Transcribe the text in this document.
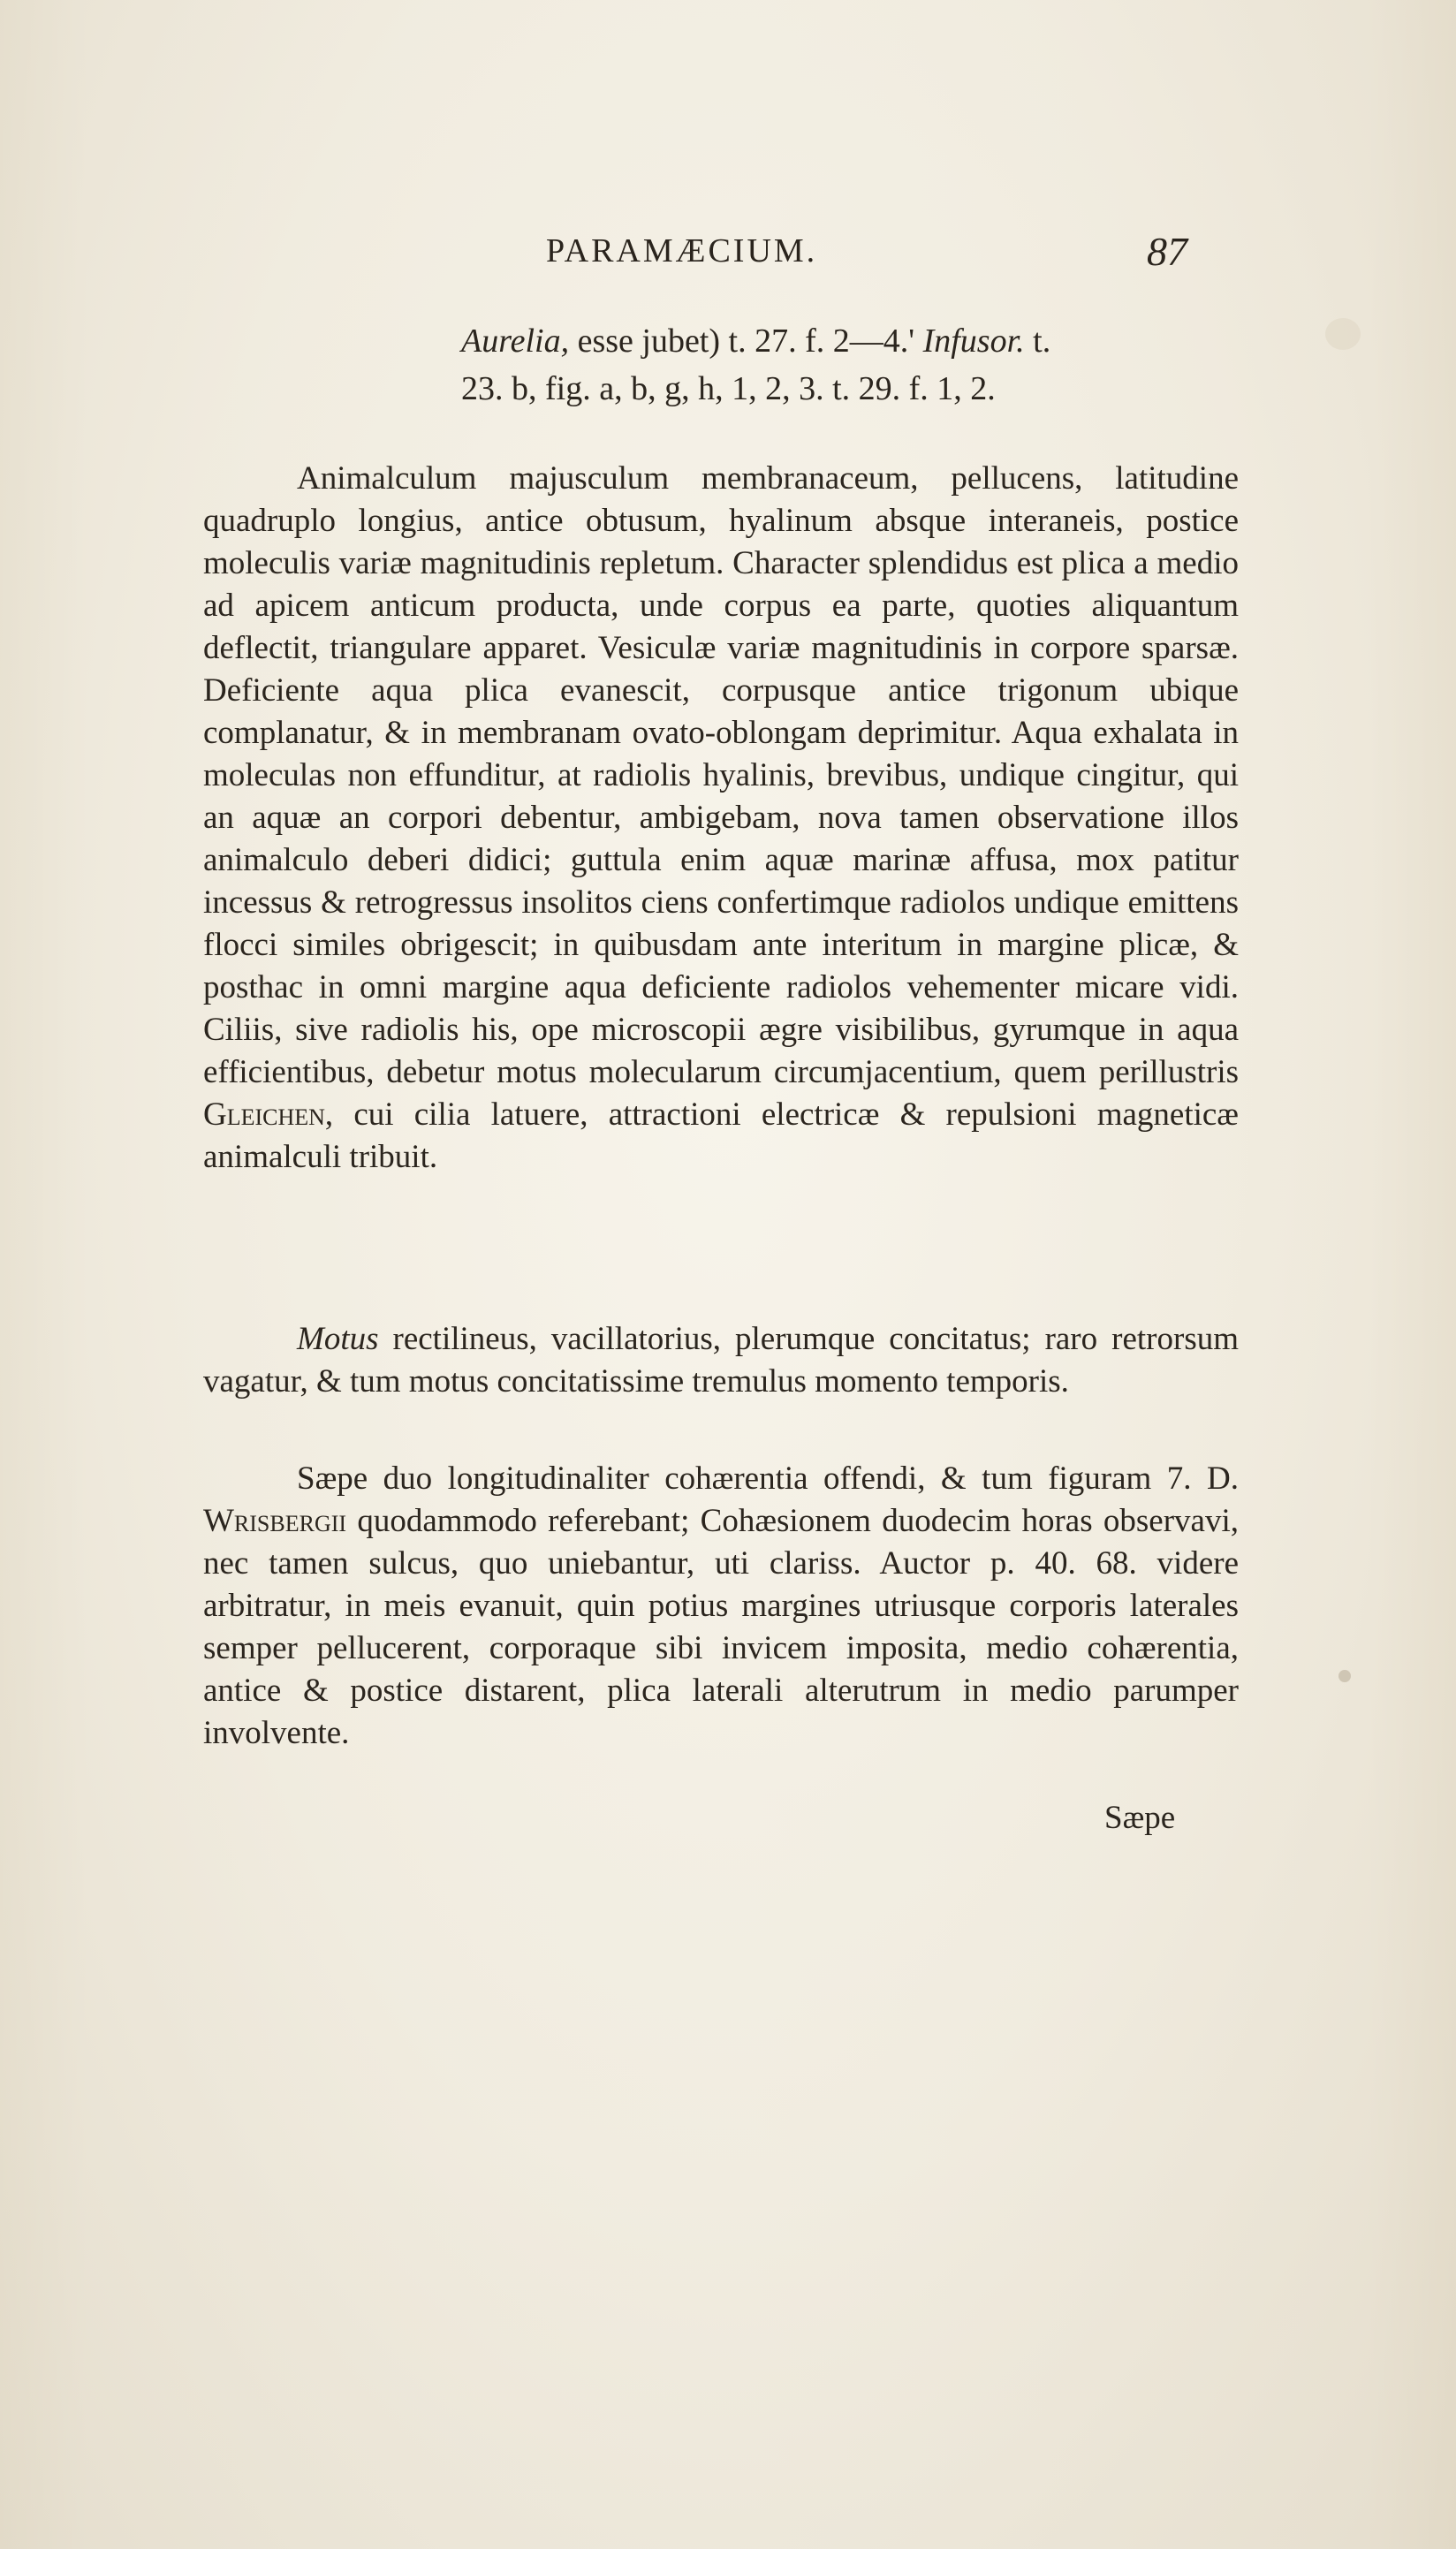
PARAMÆCIUM.	87
Aurelia, esse jubet) t. 27. f. 2—4.' Infusor. t.
23. b, fig. a, b, g, h, 1, 2, 3. t. 29. f. 1, 2.
Animalculum majusculum membranaceum, pellucens, latitudine quadruplo longius, antice obtusum, hyalinum absque interaneis, postice moleculis variæ magnitudinis repletum. Character splendidus est plica a medio ad apicem anticum producta, unde corpus ea parte, quoties aliquantum deflectit, triangulare apparet. Vesiculæ variæ magnitudinis in corpore sparsæ. Deficiente aqua plica evanescit, corpusque antice trigonum ubique complanatur, & in membranam ovato-oblongam deprimitur. Aqua exhalata in moleculas non effunditur, at radiolis hyalinis, brevibus, undique cingitur, qui an aquæ an corpori debentur, ambigebam, nova tamen observatione illos animalculo deberi didici; guttula enim aquæ marinæ affusa, mox patitur incessus & retrogressus insolitos ciens confertimque radiolos undique emittens flocci similes obrigescit; in quibusdam ante interitum in margine plicæ, & posthac in omni margine aqua deficiente radiolos vehementer micare vidi. Ciliis, sive radiolis his, ope microscopii ægre visibilibus, gyrumque in aqua efficientibus, debetur motus molecularum circumjacentium, quem perillustris Gleichen, cui cilia latuere, attractioni electricæ & repulsioni magneticæ animalculi tribuit.
Motus rectilineus, vacillatorius, plerumque concitatus; raro retrorsum vagatur, & tum motus concitatissime tremulus momento temporis.
Sæpe duo longitudinaliter cohærentia offendi, & tum figuram 7. D. Wrisbergii quodammodo referebant; Cohæsionem duodecim horas observavi, nec tamen sulcus, quo uniebantur, uti clariss. Auctor p. 40. 68. videre arbitratur, in meis evanuit, quin potius margines utriusque corporis laterales semper pellucerent, corporaque sibi invicem imposita, medio cohærentia, antice & postice distarent, plica laterali alterutrum in medio parumper involvente.
Sæpe
